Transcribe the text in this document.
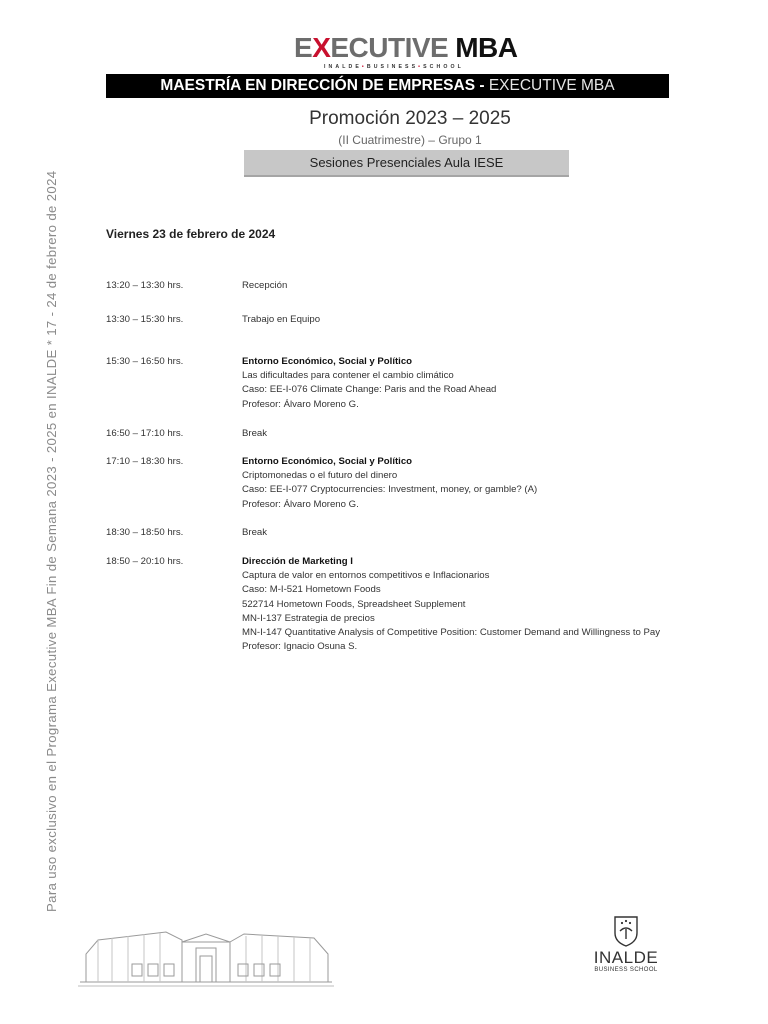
Para uso exclusivo en el Programa Executive MBA Fin de Semana 2023 - 2025 en INALDE * 17 - 24 de febrero de 2024
EXECUTIVE MBA
INALDE•BUSINESS•SCHOOL
MAESTRÍA EN DIRECCIÓN DE EMPRESAS - EXECUTIVE MBA
Promoción 2023 – 2025
(II Cuatrimestre) – Grupo 1
Sesiones Presenciales Aula IESE
Viernes 23 de febrero de 2024
13:20 – 13:30 hrs.	Recepción
13:30 – 15:30 hrs.	Trabajo en Equipo
15:30 – 16:50 hrs.	Entorno Económico, Social y Político
Las dificultades para contener el cambio climático
Caso: EE-I-076 Climate Change: Paris and the Road Ahead
Profesor: Álvaro Moreno G.
16:50 – 17:10 hrs.	Break
17:10 – 18:30 hrs.	Entorno Económico, Social y Político
Criptomonedas o el futuro del dinero
Caso: EE-I-077 Cryptocurrencies: Investment, money, or gamble? (A)
Profesor: Álvaro Moreno G.
18:30 – 18:50 hrs.	Break
18:50 – 20:10 hrs.	Dirección de Marketing I
Captura de valor en entornos competitivos e Inflacionarios
Caso: M-I-521 Hometown Foods
522714 Hometown Foods, Spreadsheet Supplement
MN-I-137 Estrategia de precios
MN-I-147 Quantitative Analysis of Competitive Position: Customer Demand and Willingness to Pay
Profesor: Ignacio Osuna S.
INALDE
BUSINESS SCHOOL
